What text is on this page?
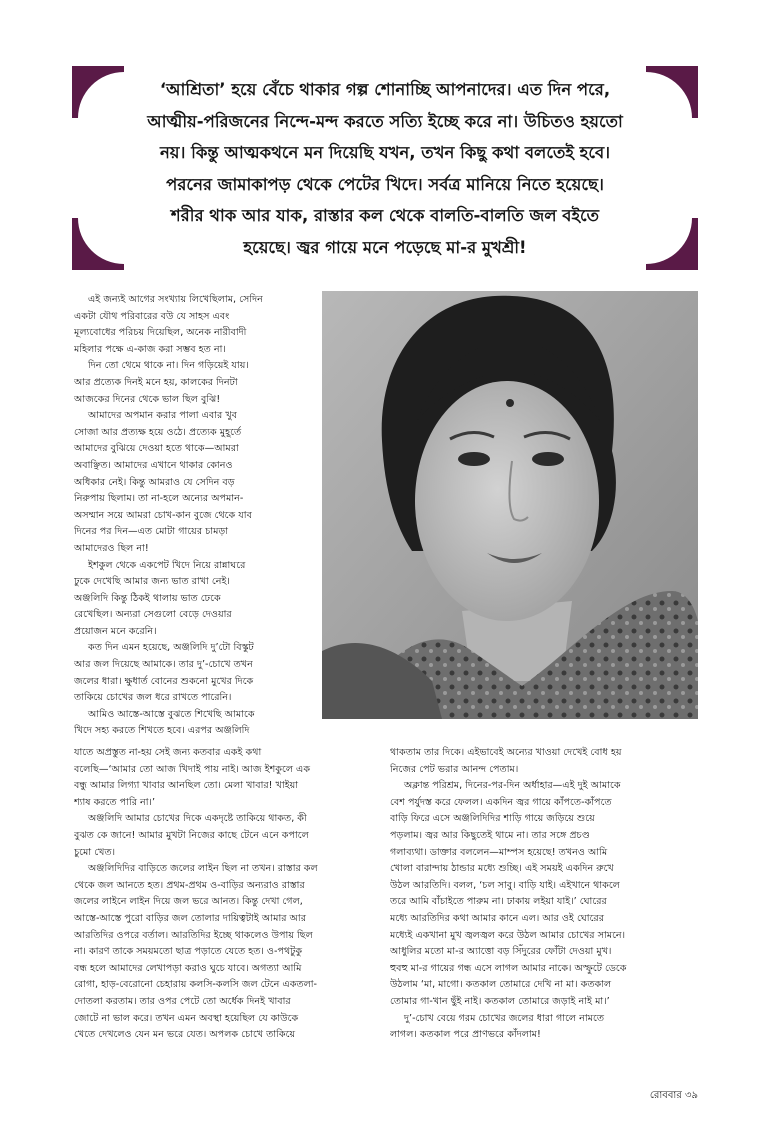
‘আশ্রিতা’ হয়ে বেঁচে থাকার গল্প শোনাচ্ছি আপনাদের। এত দিন পরে,
আত্মীয়-পরিজনের নিন্দে-মন্দ করতে সত্যি ইচ্ছে করে না। উচিতও হয়তো
নয়। কিন্তু আত্মকথনে মন দিয়েছি যখন, তখন কিছু কথা বলতেই হবে।
পরনের জামাকাপড় থেকে পেটের খিদে। সর্বত্র মানিয়ে নিতে হয়েছে।
শরীর থাক আর যাক, রাস্তার কল থেকে বালতি-বালতি জল বইতে
হয়েছে। জ্বর গায়ে মনে পড়েছে মা-র মুখশ্রী!
এই জন্যই আগের সংখ্যায় লিখেছিলাম, সেদিন
একটা যৌথ পরিবারের বউ যে সাহস এবং
মূল্যবোধের পরিচয় দিয়েছিল, অনেক নারীবাদী
মহিলার পক্ষে এ-কাজ করা সম্ভব হত না।
দিন তো থেমে থাকে না। দিন গড়িয়েই যায়।
আর প্রত্যেক দিনই মনে হয়, কালকের দিনটা
আজকের দিনের থেকে ভাল ছিল বুঝি!
আমাদের অপমান করার পালা এবার খুব
সোজা আর প্রত্যক্ষ হয়ে ওঠে। প্রত্যেক মুহূর্তে
আমাদের বুঝিয়ে দেওয়া হতে থাকে—আমরা
অবাঞ্ছিত। আমাদের এখানে থাকার কোনও
অধিকার নেই। কিন্তু আমরাও যে সেদিন বড়
নিরুপায় ছিলাম। তা না-হলে অন্যের অপমান-
অসম্মান সয়ে আমরা চোখ-কান বুজে থেকে যাব
দিনের পর দিন—এত মোটা গায়ের চামড়া
আমাদেরও ছিল না!
ইশকুল থেকে একপেট খিদে নিয়ে রান্নাঘরে
ঢুকে দেখেছি আমার জন্য ভাত রাখা নেই।
অঞ্জলিদি কিন্তু ঠিকই থালায় ভাত ঢেকে
রেখেছিল। অন্যরা সেগুলো বেড়ে দেওয়ার
প্রয়োজন মনে করেনি।
কত দিন এমন হয়েছে, অঞ্জলিদি দু’টো বিস্কুট
আর জল দিয়েছে আমাকে। তার দু’-চোখে তখন
জলের ধারা। ক্ষুধার্ত বোনের শুকনো মুখের দিকে
তাকিয়ে চোখের জল ধরে রাখতে পারেনি।
আমিও আস্তে-আস্তে বুঝতে শিখেছি আমাকে
খিদে সহ্য করতে শিখতে হবে। এরপর অঞ্জলিদি
যাতে অপ্রস্তুত না-হয় সেই জন্য কতবার একই কথা
বলেছি—‘আমার তো আজ খিদাই পায় নাই। আজ ইশকুলে এক
বন্ধু আমার লিগ্যা খাবার আনছিল তো। মেলা খাবার! খাইয়া
শ্যাষ করতে পারি না।’
অঞ্জলিদি আমার চোখের দিকে একদৃষ্টে তাকিয়ে থাকত, কী
বুঝত কে জানে! আমার মুখটা নিজের কাছে টেনে এনে কপালে
চুমো খেত।
অঞ্জলিদিদির বাড়িতে জলের লাইন ছিল না তখন। রাস্তার কল
থেকে জল আনতে হত। প্রথম-প্রথম ও-বাড়ির অন্যরাও রাস্তার
জলের লাইনে লাইন দিয়ে জল ভরে আনত। কিন্তু দেখা গেল,
আস্তে-আস্তে পুরো বাড়ির জল তোলার দায়িত্বটাই আমার আর
আরতিদির ওপরে বর্তাল। আরতিদির ইচ্ছে থাকলেও উপায় ছিল
না। কারণ তাকে সময়মতো ছাত্র পড়াতে যেতে হত। ও-পথটুকু
বন্ধ হলে আমাদের লেখাপড়া করাও ঘুচে যাবে। অগত্যা আমি
রোগা, হাড়-বেরোনো চেহারায় কলসি-কলসি জল টেনে একতলা-
দোতলা করতাম। তার ওপর পেটে তো অর্ধেক দিনই খাবার
জোটে না ভাল করে। তখন এমন অবস্থা হয়েছিল যে কাউকে
খেতে দেখলেও যেন মন ভরে যেত। অপলক চোখে তাকিয়ে
থাকতাম তার দিকে। এইভাবেই অন্যের খাওয়া দেখেই বোধ হয়
নিজের পেট ভরার আনন্দ পেতাম।
অক্লান্ত পরিশ্রম, দিনের-পর-দিন অর্ধাহার—এই দুই আমাকে
বেশ পর্যুদস্ত করে ফেলল। একদিন জ্বর গায়ে কাঁপতে-কাঁপতে
বাড়ি ফিরে এসে অঞ্জলিদিদির শাড়ি গায়ে জড়িয়ে শুয়ে
পড়লাম। জ্বর আর কিছুতেই থামে না। তার সঙ্গে প্রচণ্ড
গলাব্যথা। ডাক্তার বললেন—মাম্পস হয়েছে! তখনও আমি
খোলা বারান্দায় ঠান্ডার মধ্যে শুচ্ছি। এই সময়ই একদিন রুখে
উঠল আরতিদি। বলল, ‘চল সাবু। বাড়ি যাই। এইখানে থাকলে
তরে আমি বাঁচাইতে পারুম না। ঢাকায় লইয়া যাই।’ ঘোরের
মধ্যে আরতিদির কথা আমার কানে এল। আর ওই ঘোরের
মধ্যেই একখানা মুখ জ্বলজ্বল করে উঠল আমার চোখের সামনে।
আধুলির মতো মা-র অ্যাত্তো বড় সিঁদুরের ফোঁটা দেওয়া মুখ।
হুবহু মা-র গায়ের গন্ধ এসে লাগল আমার নাকে। অস্ফুটে ডেকে
উঠলাম ‘মা, মাগো। কতকাল তোমারে দেখি না মা। কতকাল
তোমার গা-খান ছুঁই নাই। কতকাল তোমারে জড়াই নাই মা।’
দু’-চোখ বেয়ে গরম চোখের জলের ধারা গালে নামতে
লাগল। কতকাল পরে প্রাণভরে কাঁদলাম!
রোববার ৩৯
